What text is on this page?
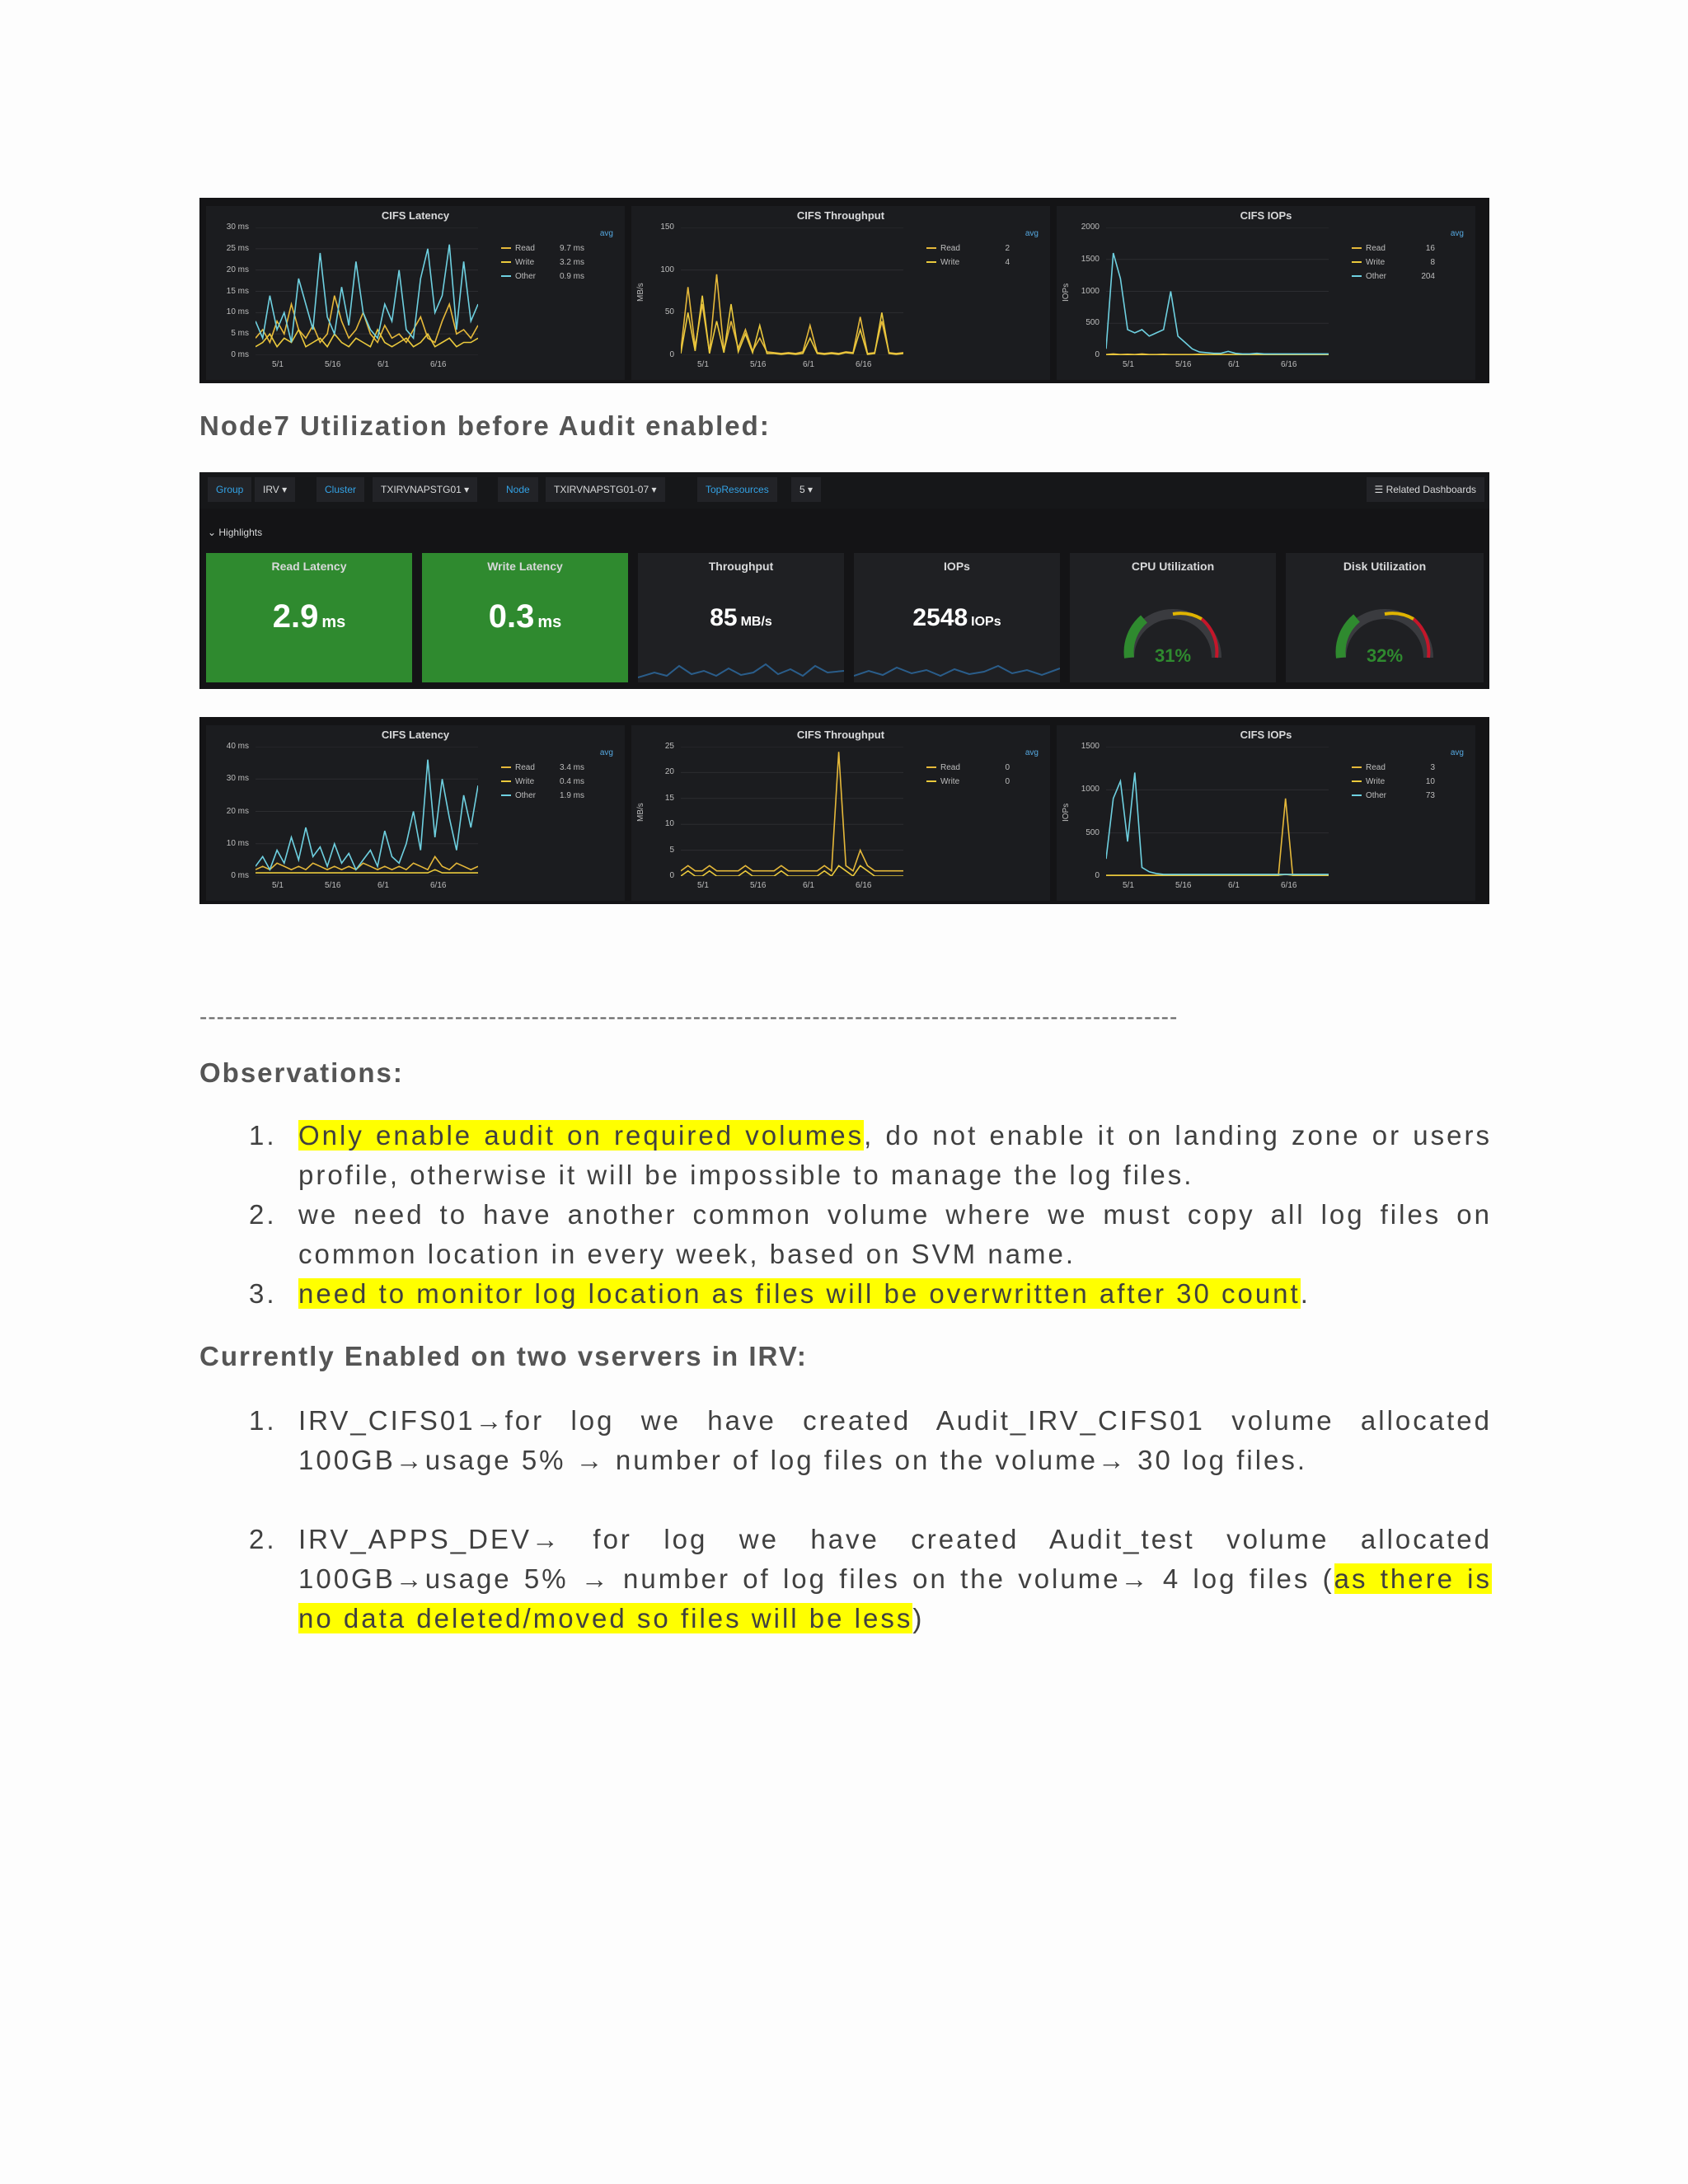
CIFS Latency
30 ms
25 ms
20 ms
15 ms
10 ms
5 ms
0 ms
5/1	5/16	6/1	6/16
avg
Read	9.7 ms
Write	3.2 ms
Other	0.9 ms
CIFS Throughput
150
100
50
0
MB/s
5/1	5/16	6/1	6/16
avg
Read	2
Write	4
CIFS IOPs
2000
1500
1000
500
0
IOPs
5/1	5/16	6/1	6/16
avg
Read	16
Write	8
Other	204
Node7 Utilization before Audit enabled:
Group	IRV ▾	Cluster	TXIRVNAPSTG01 ▾	Node	TXIRVNAPSTG01-07 ▾	TopResources	5 ▾	☰ Related Dashboards
⌄ Highlights
Read Latency
2.9 ms
Write Latency
0.3 ms
Throughput
85 MB/s
IOPs
2548 IOPs
CPU Utilization
31%
Disk Utilization
32%
CIFS Latency
40 ms
30 ms
20 ms
10 ms
0 ms
5/1	5/16	6/1	6/16
avg
Read	3.4 ms
Write	0.4 ms
Other	1.9 ms
CIFS Throughput
25
20
15
10
5
0
MB/s
5/1	5/16	6/1	6/16
avg
Read	0
Write	0
CIFS IOPs
1500
1000
500
0
IOPs
5/1	5/16	6/1	6/16
avg
Read	3
Write	10
Other	73
-------------------------------------------------------------------------------------------------------------------
Observations:
1. Only enable audit on required volumes, do not enable it on landing zone or users profile, otherwise it will be impossible to manage the log files.
2. we need to have another common volume where we must copy all log files on common location in every week, based on SVM name.
3. need to monitor log location as files will be overwritten after 30 count.
Currently Enabled on two vservers in IRV:
1. IRV_CIFS01→for log we have created Audit_IRV_CIFS01 volume allocated 100GB→usage 5% → number of log files on the volume→ 30 log files.
2. IRV_APPS_DEV→ for log we have created Audit_test volume allocated 100GB→usage 5% → number of log files on the volume→ 4 log files (as there is no data deleted/moved so files will be less)
